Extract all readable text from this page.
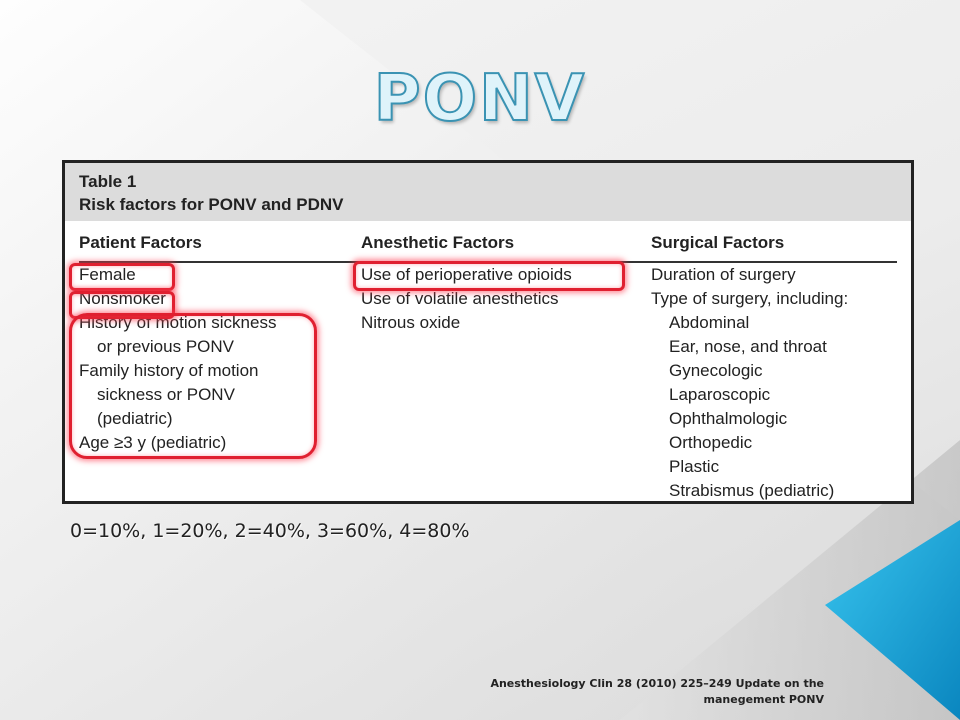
PONV
Table 1
Risk factors for PONV and PDNV
Patient Factors	Anesthetic Factors	Surgical Factors
Female
Nonsmoker
History of motion sickness
or previous PONV
Family history of motion
sickness or PONV
(pediatric)
Age ≥3 y (pediatric)
Use of perioperative opioids
Use of volatile anesthetics
Nitrous oxide
Duration of surgery
Type of surgery, including:
Abdominal
Ear, nose, and throat
Gynecologic
Laparoscopic
Ophthalmologic
Orthopedic
Plastic
Strabismus (pediatric)
0=10%, 1=20%, 2=40%, 3=60%, 4=80%
Anesthesiology Clin 28 (2010) 225–249 Update on the
manegement PONV
